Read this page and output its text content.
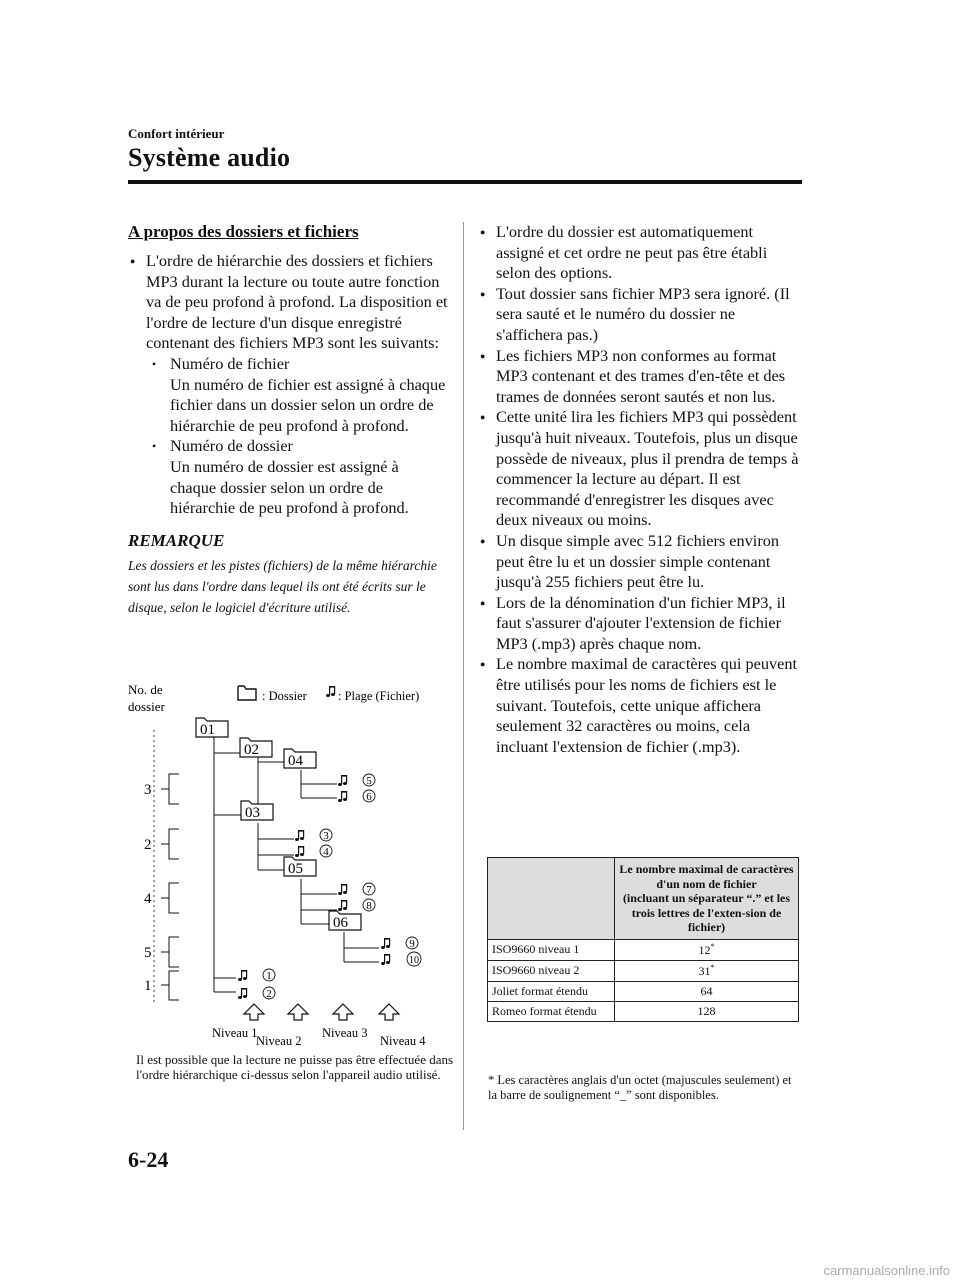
Confort intérieur
Système audio
A propos des dossiers et fichiers

● L'ordre de hiérarchie des dossiers et fichiers MP3 durant la lecture ou toute autre fonction va de peu profond à profond. La disposition et l'ordre de lecture d'un disque enregistré contenant des fichiers MP3 sont les suivants:

• Numéro de fichier

Un numéro de fichier est assigné à chaque fichier dans un dossier selon un ordre de hiérarchie de peu profond à profond.

• Numéro de dossier

Un numéro de dossier est assigné à chaque dossier selon un ordre de hiérarchie de peu profond à profond.

REMARQUE

Les dossiers et les pistes (fichiers) de la même hiérarchie sont lus dans l'ordre dans lequel ils ont été écrits sur le disque, selon le logiciel d'écriture utilisé.

No. de
dossier
: Dossier : Plage (Fichier)
3
2
4
5
1
01
02
04
03
05
06
5
6
3
4
7
8
9
10
1
2
Niveau 1
Niveau 2
Niveau 3
Niveau 4
Il est possible que la lecture ne puisse pas être effectuée dans l'ordre hiérarchique ci-dessus selon l'appareil audio utilisé.

● L'ordre du dossier est automatiquement assigné et cet ordre ne peut pas être établi selon des options.

● Tout dossier sans fichier MP3 sera ignoré. (Il sera sauté et le numéro du dossier ne s'affichera pas.)

● Les fichiers MP3 non conformes au format MP3 contenant et des trames d'en-tête et des trames de données seront sautés et non lus.

● Cette unité lira les fichiers MP3 qui possèdent jusqu'à huit niveaux. Toutefois, plus un disque possède de niveaux, plus il prendra de temps à commencer la lecture au départ. Il est recommandé d'enregistrer les disques avec deux niveaux ou moins.

● Un disque simple avec 512 fichiers environ peut être lu et un dossier simple contenant jusqu'à 255 fichiers peut être lu.

● Lors de la dénomination d'un fichier MP3, il faut s'assurer d'ajouter l'extension de fichier MP3 (.mp3) après chaque nom.

● Le nombre maximal de caractères qui peuvent être utilisés pour les noms de fichiers est le suivant. Toutefois, cette unique affichera seulement 32 caractères ou moins, cela incluant l'extension de fichier (.mp3).

	Le nombre maximal de caractères d'un nom de fichier
(incluant un séparateur “.” et les trois lettres de l'exten-sion de fichier)
ISO9660 niveau 1	12*
ISO9660 niveau 2	31*
Joliet format étendu	64
Romeo format étendu	128
* Les caractères anglais d'un octet (majuscules seulement) et la barre de soulignement “_” sont disponibles.
6-24
carmanualsonline.info
